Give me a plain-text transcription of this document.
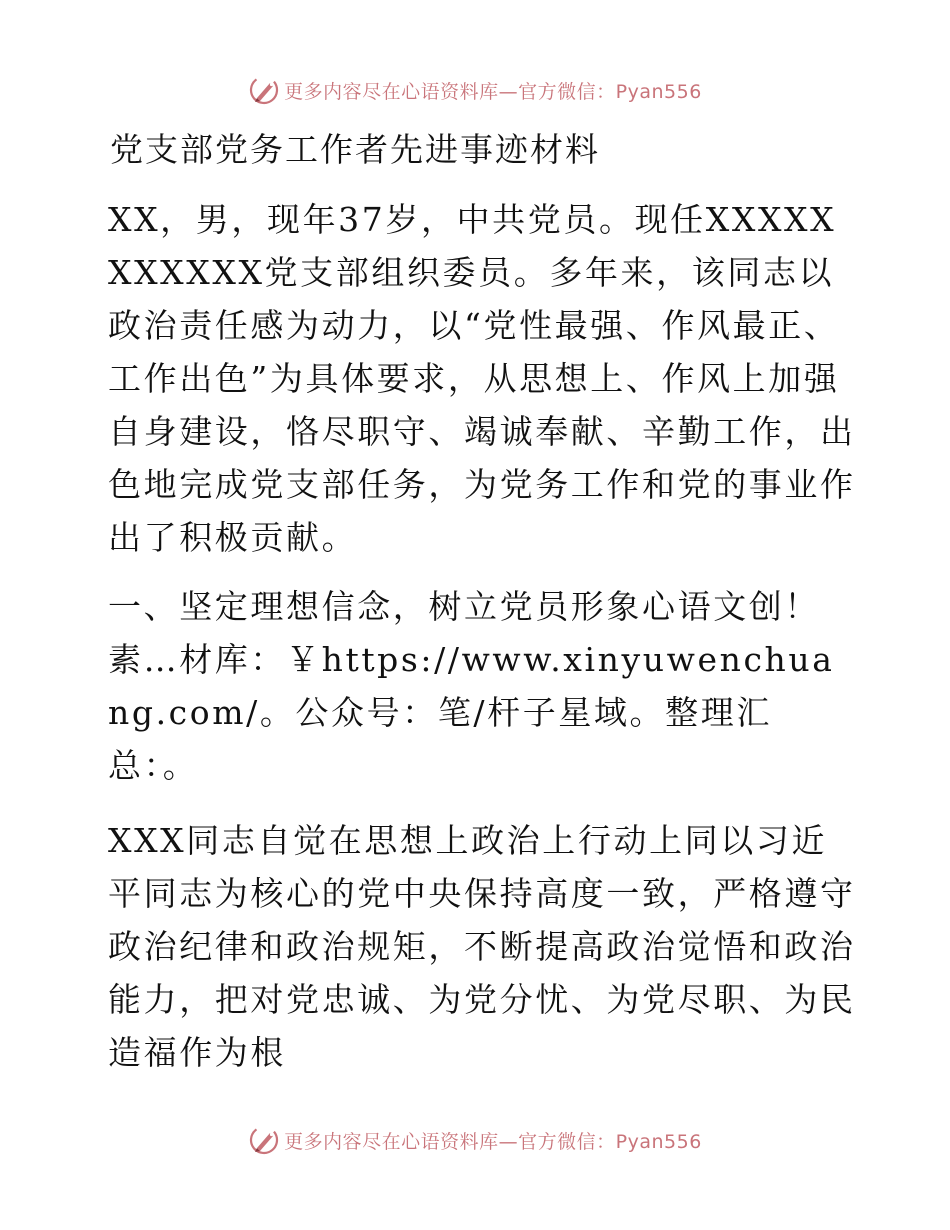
更多内容尽在心语资料库—官方微信：Pyan556
党支部党务工作者先进事迹材料

XX，男，现年37岁，中共党员。现任XXXXXXXXXXX党支部组织委员。多年来，该同志以政治责任感为动力，以“党性最强、作风最正、工作出色”为具体要求，从思想上、作风上加强自身建设，恪尽职守、竭诚奉献、辛勤工作，出色地完成党支部任务，为党务工作和党的事业作出了积极贡献。

一、坚定理想信念，树立党员形象心语文创！素…材库：￥https://www.xinyuwenchuang.com/。公众号：笔/杆子星域。整理汇总：。

XXX同志自觉在思想上政治上行动上同以习近平同志为核心的党中央保持高度一致，严格遵守政治纪律和政治规矩，不断提高政治觉悟和政治能力，把对党忠诚、为党分忧、为党尽职、为民造福作为根

更多内容尽在心语资料库—官方微信：Pyan556
